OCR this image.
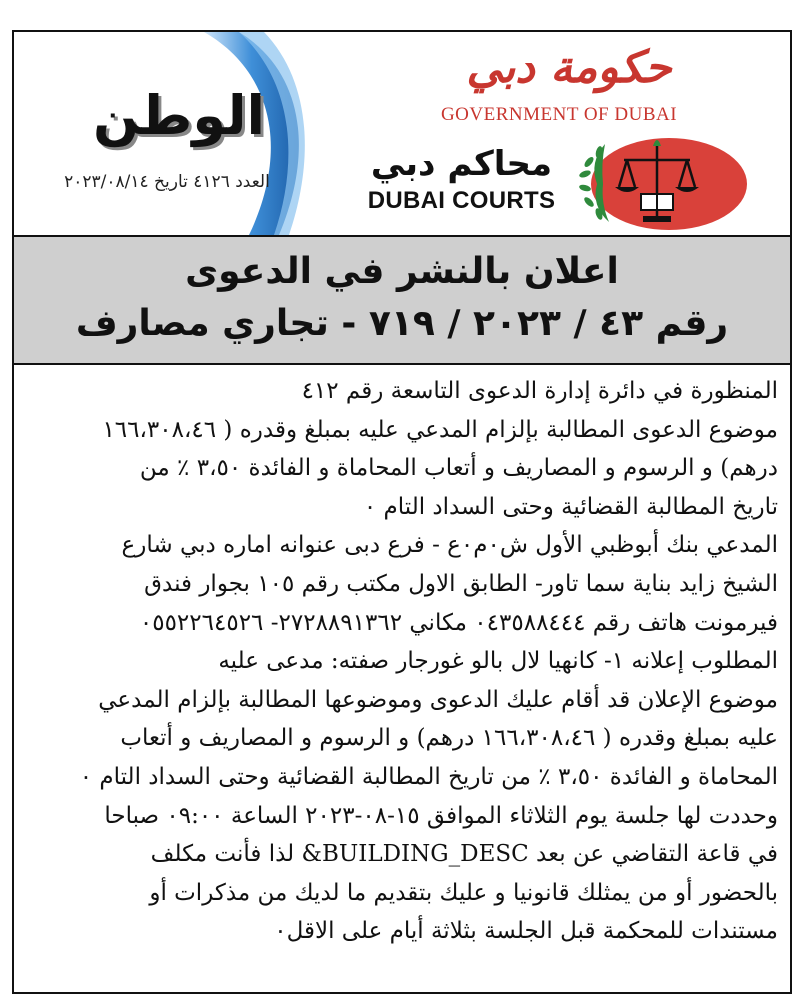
الوطن
العدد ٤١٢٦ تاريخ ٢٠٢٣/٠٨/١٤
حكومة دبي
GOVERNMENT OF DUBAI
محاكم دبي
DUBAI COURTS
اعلان بالنشر في الدعوى
رقم ٤٣ / ٢٠٢٣ / ٧١٩ - تجاري مصارف
المنظورة في دائرة إدارة الدعوى التاسعة رقم ٤١٢
موضوع الدعوى المطالبة بإلزام المدعي عليه بمبلغ وقدره ( ١٦٦،٣٠٨،٤٦
درهم) و الرسوم و المصاريف و أتعاب المحاماة و الفائدة ٣،٥٠ ٪ من
تاريخ المطالبة القضائية وحتى السداد التام ٠
المدعي بنك أبوظبي الأول ش٠م٠ع - فرع دبى عنوانه اماره دبي شارع
الشيخ زايد بناية سما تاور- الطابق الاول مكتب رقم ١٠٥ بجوار فندق
فيرمونت هاتف رقم ٠٤٣٥٨٨٤٤٤ مكاني ٢٧٢٨٨٩١٣٦٢- ٠٥٥٢٢٦٤٥٢٦
المطلوب إعلانه ١- كانهيا لال بالو غورجار صفته: مدعى عليه
موضوع الإعلان قد أقام عليك الدعوى وموضوعها المطالبة بإلزام المدعي
عليه بمبلغ وقدره ( ١٦٦،٣٠٨،٤٦ درهم) و الرسوم و المصاريف و أتعاب
المحاماة و الفائدة ٣،٥٠ ٪ من تاريخ المطالبة القضائية وحتى السداد التام ٠
وحددت لها جلسة يوم الثلاثاء الموافق ١٥-٠٨-٢٠٢٣ الساعة ٠٩:٠٠ صباحا
في قاعة التقاضي عن بعد BUILDING_DESC& لذا فأنت مكلف
بالحضور أو من يمثلك قانونيا و عليك بتقديم ما لديك من مذكرات أو
مستندات للمحكمة قبل الجلسة بثلاثة أيام على الاقل٠
